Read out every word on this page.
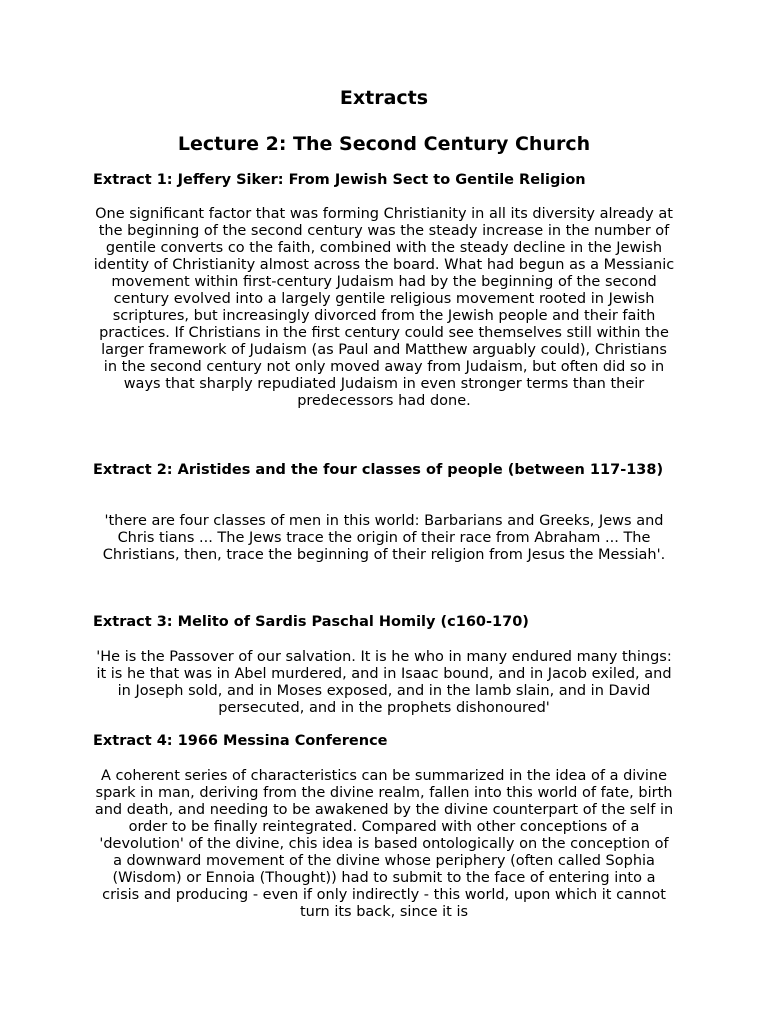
Extracts
Lecture 2: The Second Century Church
Extract 1: Jeffery Siker: From Jewish Sect to Gentile Religion

One significant factor that was forming Christianity in all its diversity already at the beginning of the second century was the steady increase in the number of gentile converts co the faith, combined with the steady decline in the Jewish identity of Christianity almost across the board. What had begun as a Messianic movement within first-century Judaism had by the beginning of the second century evolved into a largely gentile religious movement rooted in Jewish scriptures, but increasingly divorced from the Jewish people and their faith practices. If Christians in the first century could see themselves still within the larger framework of Judaism (as Paul and Matthew arguably could), Christians in the second century not only moved away from Judaism, but often did so in ways that sharply repudiated Judaism in even stronger terms than their predecessors had done.

Extract 2: Aristides and the four classes of people (between 117-138)

'there are four classes of men in this world: Barbarians and Greeks, Jews and Chris tians ... The Jews trace the origin of their race from Abraham ... The Christians, then, trace the beginning of their religion from Jesus the Messiah'.

Extract 3: Melito of Sardis Paschal Homily (c160-170)

'He is the Passover of our salvation. It is he who in many endured many things: it is he that was in Abel murdered, and in Isaac bound, and in Jacob exiled, and in Joseph sold, and in Moses exposed, and in the lamb slain, and in David persecuted, and in the prophets dishonoured'

Extract 4: 1966 Messina Conference

A coherent series of characteristics can be summarized in the idea of a divine spark in man, deriving from the divine realm, fallen into this world of fate, birth and death, and needing to be awakened by the divine counterpart of the self in order to be finally reintegrated. Compared with other conceptions of a 'devolution' of the divine, chis idea is based ontologically on the conception of a downward movement of the divine whose periphery (often called Sophia (Wisdom) or Ennoia (Thought)) had to submit to the face of entering into a crisis and producing - even if only indirectly - this world, upon which it cannot turn its back, since it is
